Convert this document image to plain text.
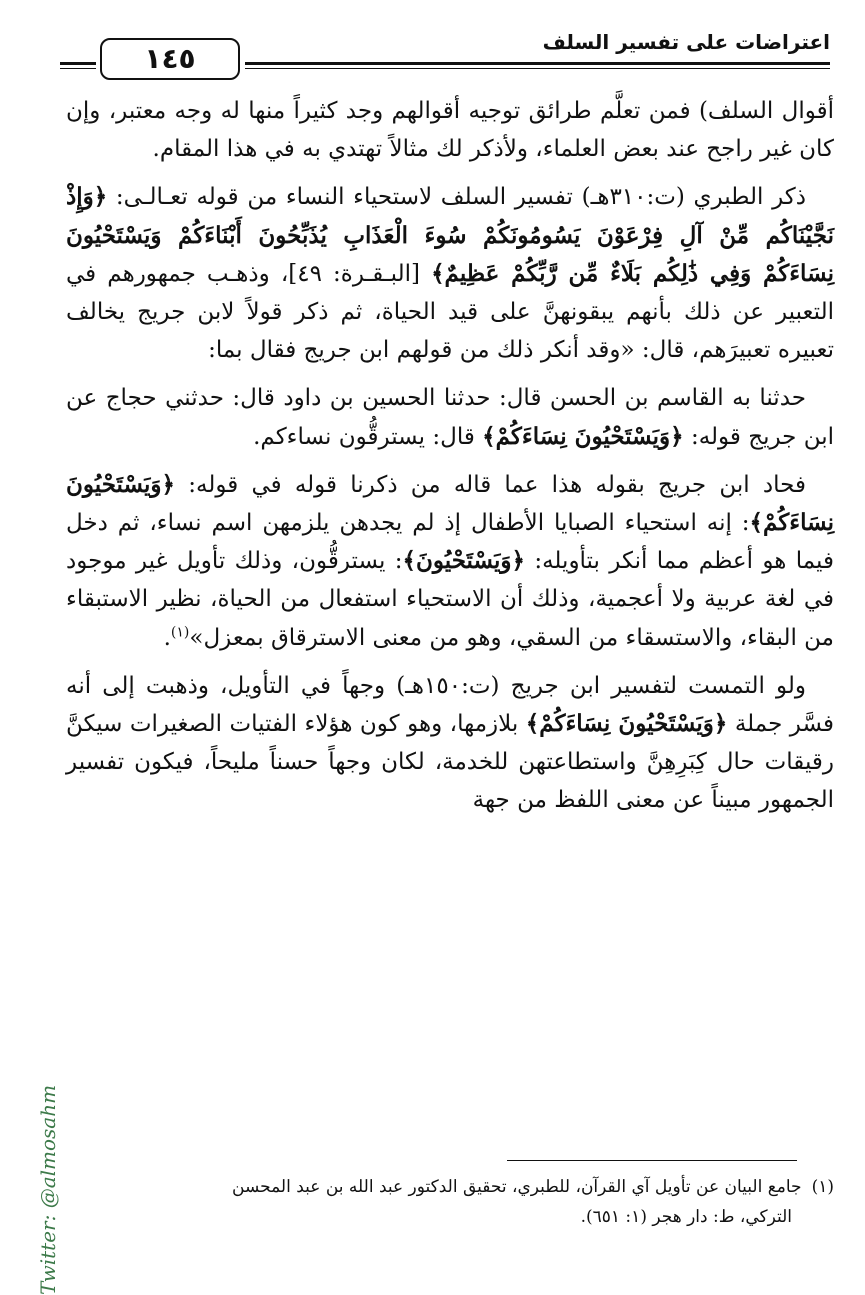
١٤٥	اعتراضات على تفسير السلف

أقوال السلف) فمن تعلَّم طرائق توجيه أقوالهم وجد كثيراً منها له وجه معتبر، وإن كان غير راجح عند بعض العلماء، ولأذكر لك مثالاً تهتدي به في هذا المقام.

ذكر الطبري (ت:٣١٠هـ) تفسير السلف لاستحياء النساء من قوله تعـالـى: ﴿وَإِذْ نَجَّيْنَاكُم مِّنْ آلِ فِرْعَوْنَ يَسُومُونَكُمْ سُوءَ الْعَذَابِ يُذَبِّحُونَ أَبْنَاءَكُمْ وَيَسْتَحْيُونَ نِسَاءَكُمْ وَفِي ذَٰلِكُم بَلَاءٌ مِّن رَّبِّكُمْ عَظِيمٌ﴾ [البـقـرة: ٤٩]، وذهـب جمهورهم في التعبير عن ذلك بأنهم يبقونهنَّ على قيد الحياة، ثم ذكر قولاً لابن جريج يخالف تعبيره تعبيرَهم، قال: «وقد أنكر ذلك من قولهم ابن جريج فقال بما:

حدثنا به القاسم بن الحسن قال: حدثنا الحسين بن داود قال: حدثني حجاج عن ابن جريج قوله: ﴿وَيَسْتَحْيُونَ نِسَاءَكُمْ﴾ قال: يسترقُّون نساءكم.

فحاد ابن جريج بقوله هذا عما قاله من ذكرنا قوله في قوله: ﴿وَيَسْتَحْيُونَ نِسَاءَكُمْ﴾: إنه استحياء الصبايا الأطفال إذ لم يجدهن يلزمهن اسم نساء، ثم دخل فيما هو أعظم مما أنكر بتأويله: ﴿وَيَسْتَحْيُونَ﴾: يسترقُّون، وذلك تأويل غير موجود في لغة عربية ولا أعجمية، وذلك أن الاستحياء استفعال من الحياة، نظير الاستبقاء من البقاء، والاستسقاء من السقي، وهو من معنى الاسترقاق بمعزل»$^{(١)}$.

ولو التمست لتفسير ابن جريج (ت:١٥٠هـ) وجهاً في التأويل، وذهبت إلى أنه فسَّر جملة ﴿وَيَسْتَحْيُونَ نِسَاءَكُمْ﴾ بلازمها، وهو كون هؤلاء الفتيات الصغيرات سيكنَّ رقيقات حال كِبَرِهِنَّ واستطاعتهن للخدمة، لكان وجهاً حسناً مليحاً، فيكون تفسير الجمهور مبيناً عن معنى اللفظ من جهة

(١)جامع البيان عن تأويل آي القرآن، للطبري، تحقيق الدكتور عبد الله بن عبد المحسن
التركي، ط: دار هجر (١: ٦٥١).
Twitter: @almosahm
